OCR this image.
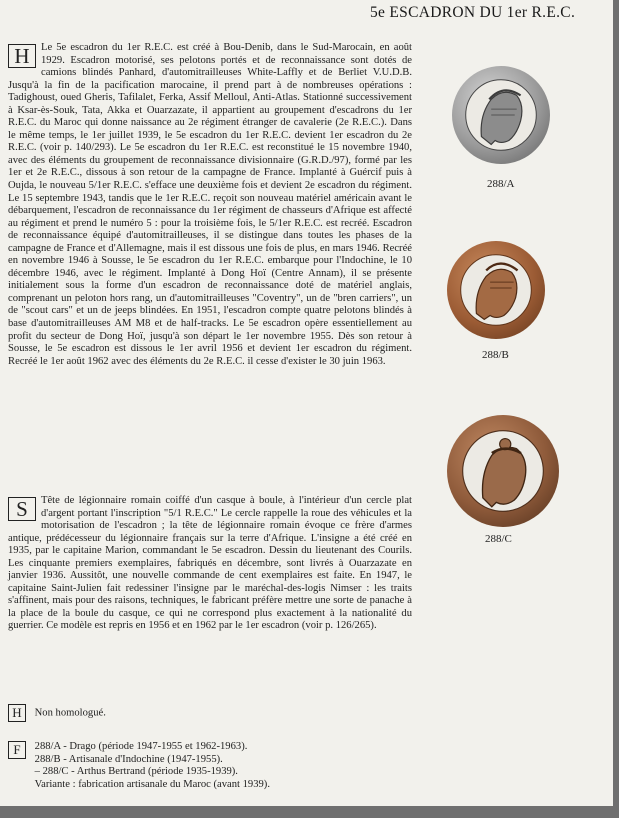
5e ESCADRON DU 1er R.E.C.
H	Le 5e escadron du 1er R.E.C. est créé à Bou-Denib, dans le Sud-Marocain, en août 1929. Escadron motorisé, ses pelotons portés et de reconnaissance sont dotés de camions blindés Panhard, d'automitrailleuses White-Laffly et de Berliet V.U.D.B. Jusqu'à la fin de la pacification marocaine, il prend part à de nombreuses opérations : Tadighoust, oued Gheris, Tafilalet, Ferka, Assif Melloul, Anti-Atlas. Stationné successivement à Ksar-ès-Souk, Tata, Akka et Ouarzazate, il appartient au groupement d'escadrons du 1er R.E.C. du Maroc qui donne naissance au 2e régiment étranger de cavalerie (2e R.E.C.). Dans le même temps, le 1er juillet 1939, le 5e escadron du 1er R.E.C. devient 1er escadron du 2e R.E.C. (voir p. 140/293). Le 5e escadron du 1er R.E.C. est reconstitué le 15 novembre 1940, avec des éléments du groupement de reconnaissance divisionnaire (G.R.D./97), formé par les 1er et 2e R.E.C., dissous à son retour de la campagne de France. Implanté à Guércif puis à Oujda, le nouveau 5/1er R.E.C. s'efface une deuxième fois et devient 2e escadron du régiment. Le 15 septembre 1943, tandis que le 1er R.E.C. reçoit son nouveau matériel américain avant le débarquement, l'escadron de reconnaissance du 1er régiment de chasseurs d'Afrique est affecté au régiment et prend le numéro 5 : pour la troisième fois, le 5/1er R.E.C. est recréé. Escadron de reconnaissance équipé d'automitrailleuses, il se distingue dans toutes les phases de la campagne de France et d'Allemagne, mais il est dissous une fois de plus, en mars 1946. Recréé en novembre 1946 à Sousse, le 5e escadron du 1er R.E.C. embarque pour l'Indochine, le 10 décembre 1946, avec le régiment. Implanté à Dong Hoï (Centre Annam), il se présente initialement sous la forme d'un escadron de reconnaissance doté de matériel anglais, comprenant un peloton hors rang, un d'automitrailleuses "Coventry", un de "bren carriers", un de "scout cars" et un de jeeps blindées. En 1951, l'escadron compte quatre pelotons blindés à base d'automitrailleuses AM M8 et de half-tracks. Le 5e escadron opère essentiellement au profit du secteur de Dong Hoï, jusqu'à son départ le 1er novembre 1955. Dès son retour à Sousse, le 5e escadron est dissous le 1er avril 1956 et devient 1er escadron du régiment. Recréé le 1er août 1962 avec des éléments du 2e R.E.C. il cesse d'exister le 30 juin 1963.

S	Tête de légionnaire romain coiffé d'un casque à boule, à l'intérieur d'un cercle plat d'argent portant l'inscription "5/1 R.E.C." Le cercle rappelle la roue des véhicules et la motorisation de l'escadron ; la tête de légionnaire romain évoque ce frère d'armes antique, prédécesseur du légionnaire français sur la terre d'Afrique. L'insigne a été créé en 1935, par le capitaine Marion, commandant le 5e escadron. Dessin du lieutenant des Courils. Les cinquante premiers exemplaires, fabriqués en décembre, sont livrés à Ouarzazate en janvier 1936. Aussitôt, une nouvelle commande de cent exemplaires est faite. En 1947, le capitaine Saint-Julien fait redessiner l'insigne par le maréchal-des-logis Nimser : les traits s'affinent, mais pour des raisons, techniques, le fabricant préfère mettre une sorte de panache à la place de la boule du casque, ce qui ne correspond plus exactement à la nationalité du guerrier. Ce modèle est repris en 1956 et en 1962 par le 1er escadron (voir p. 126/265).

H Non homologué.
F 288/A - Drago (période 1947-1955 et 1962-1963).
288/B - Artisanale d'Indochine (1947-1955).
– 288/C - Arthus Bertrand (période 1935-1939).
Variante : fabrication artisanale du Maroc (avant 1939).
288/A
288/B
288/C
